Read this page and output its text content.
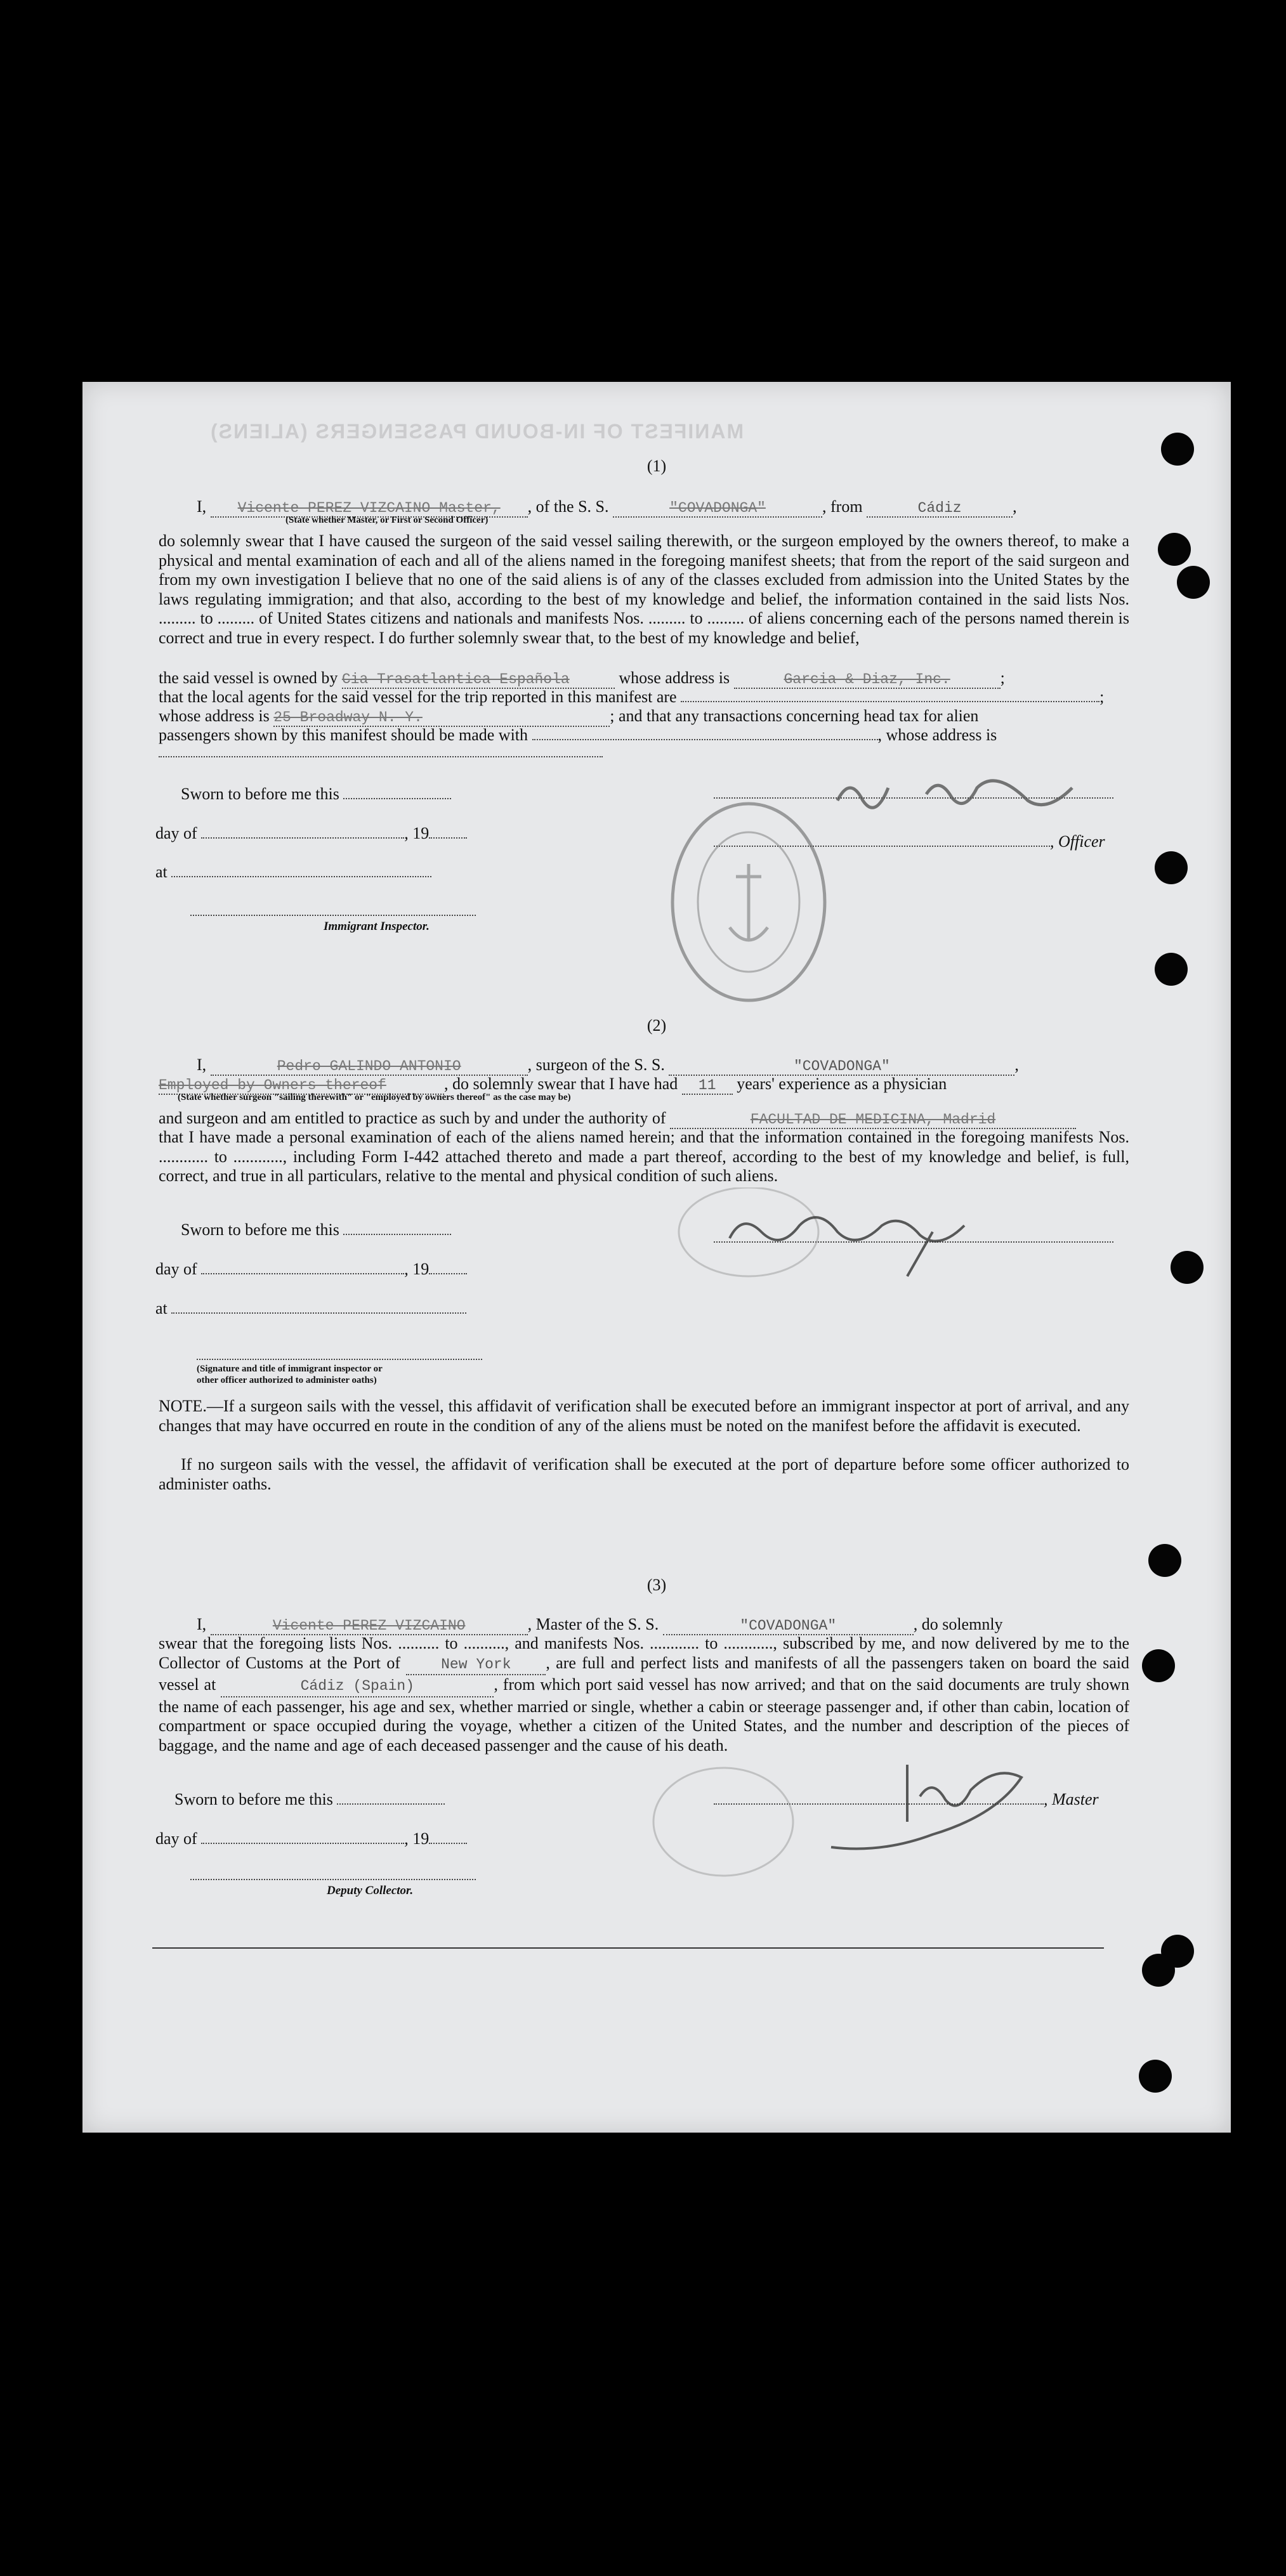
MANIFEST OF IN-BOUND PASSENGERS (ALIENS)
(1)
I, Vicente PEREZ VIZCAINO Master, , of the S. S.	"COVADONGA"	, from	Cádiz	,
(State whether Master, or First or Second Officer)
do solemnly swear that I have caused the surgeon of the said vessel sailing therewith, or the surgeon employed by the owners thereof, to make a physical and mental examination of each and all of the aliens named in the foregoing manifest sheets; that from the report of the said surgeon and from my own investigation I believe that no one of the said aliens is of any of the classes excluded from admission into the United States by the laws regulating immigration; and that also, according to the best of my knowledge and belief, the information contained in the said lists Nos. ......... to ......... of United States citizens and nationals and manifests Nos. ......... to ......... of aliens concerning each of the persons named therein is correct and true in every respect. I do further solemnly swear that, to the best of my knowledge and belief,
the said vessel is owned by Cia Trasatlantica Española	whose address is	Garcia & Diaz, Inc.	;
that the local agents for the said vessel for the trip reported in this manifest are	;
whose address is 25 Broadway N. Y.	; and that any transactions concerning head tax for alien
passengers shown by this manifest should be made with	, whose address is
Sworn to before me this
day of	, 19
at
Immigrant Inspector.
, Officer
(2)
I,	Pedro GALINDO ANTONIO	, surgeon of the S. S.	"COVADONGA"	,
Employed by Owners thereof	, do solemnly swear that I have had 11 years' experience as a physician
(State whether surgeon "sailing therewith" or "employed by owners thereof" as the case may be)
and surgeon and am entitled to practice as such by and under the authority of	FACULTAD DE MEDICINA, Madrid
that I have made a personal examination of each of the aliens named herein; and that the information contained in the foregoing manifests Nos. ............ to ............, including Form I-442 attached thereto and made a part thereof, according to the best of my knowledge and belief, is full, correct, and true in all particulars, relative to the mental and physical condition of such aliens.
Sworn to before me this
day of	, 19
at
(Signature and title of immigrant inspector or
other officer authorized to administer oaths)
NOTE.—If a surgeon sails with the vessel, this affidavit of verification shall be executed before an immigrant inspector at port of arrival, and any changes that may have occurred en route in the condition of any of the aliens must be noted on the manifest before the affidavit is executed.
If no surgeon sails with the vessel, the affidavit of verification shall be executed at the port of departure before some officer authorized to administer oaths.
(3)
I,	Vicente PEREZ VIZCAINO	, Master of the S. S.	"COVADONGA"	, do solemnly
swear that the foregoing lists Nos. .......... to .........., and manifests Nos. ............ to ............, subscribed by me, and now delivered by me to the Collector of Customs at the Port of	New York , are full and perfect lists and manifests of all the passengers taken on board the said vessel at	Cádiz (Spain)	, from which port said vessel has now arrived; and that on the said documents are truly shown the name of each passenger, his age and sex, whether married or single, whether a cabin or steerage passenger and, if other than cabin, location of compartment or space occupied during the voyage, whether a citizen of the United States, and the number and description of the pieces of baggage, and the name and age of each deceased passenger and the cause of his death.
Sworn to before me this
day of	, 19
Deputy Collector.
, Master
